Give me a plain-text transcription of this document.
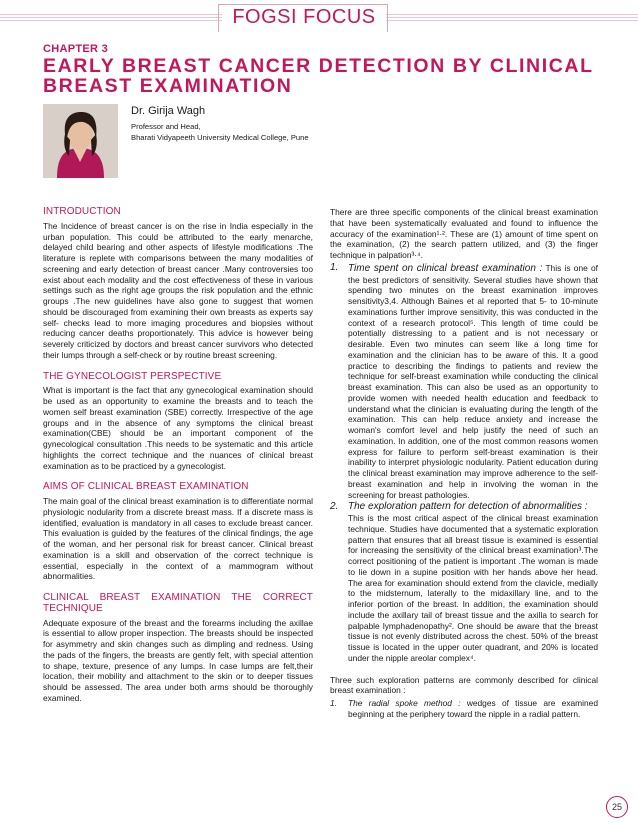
FOGSI FOCUS
CHAPTER 3
EARLY BREAST CANCER DETECTION BY CLINICAL BREAST EXAMINATION
Dr. Girija Wagh
Professor and Head,
Bharati Vidyapeeth University Medical College, Pune
INTRODUCTION

The Incidence of breast cancer is on the rise in India especially in the urban population. This could be attributed to the early menarche, delayed child bearing and other aspects of lifestyle modifications .The literature is replete with comparisons between the many modalities of screening and early detection of breast cancer .Many controversies too exist about each modality and the cost effectiveness of these in various settings such as the right age groups the risk population and the ethnic groups .The new guidelines have also gone to suggest that women should be discouraged from examining their own breasts as experts say self- checks lead to more imaging procedures and biopsies without reducing cancer deaths proportionately. This advice is however being severely criticized by doctors and breast cancer survivors who detected their lumps through a self-check or by routine breast screening.

THE GYNECOLOGIST PERSPECTIVE

What is important is the fact that any gynecological examination should be used as an opportunity to examine the breasts and to teach the women self breast examination (SBE) correctly. Irrespective of the age groups and in the absence of any symptoms the clinical breast examination(CBE) should be an important component of the gynecological consultation .This needs to be systematic and this article highlights the correct technique and the nuances of clinical breast examination as to be practiced by a gynecologist.

AIMS OF CLINICAL BREAST EXAMINATION

The main goal of the clinical breast examination is to differentiate normal physiologic nodularity from a discrete breast mass. If a discrete mass is identified, evaluation is mandatory in all cases to exclude breast cancer. This evaluation is guided by the features of the clinical findings, the age of the woman, and her personal risk for breast cancer. Clinical breast examination is a skill and observation of the correct technique is essential, especially in the context of a mammogram without abnormalities.

CLINICAL BREAST EXAMINATION THE CORRECT TECHNIQUE

Adequate exposure of the breast and the forearms including the axillae is essential to allow proper inspection. The breasts should be inspected for asymmetry and skin changes such as dimpling and redness. Using the pads of the fingers, the breasts are gently felt, with special attention to shape, texture, presence of any lumps. In case lumps are felt,their location, their mobility and attachment to the skin or to deeper tissues should be assessed. The area under both arms should be thoroughly examined.

There are three specific components of the clinical breast examination that have been systematically evaluated and found to influence the accuracy of the examination¹·². These are (1) amount of time spent on the examination, (2) the search pattern utilized, and (3) the finger technique in palpation³·⁴.

1. Time spent on clinical breast examination : This is one of the best predictors of sensitivity. Several studies have shown that spending two minutes on the breast examination improves sensitivity3,4. Although Baines et al reported that 5- to 10-minute examinations further improve sensitivity, this was conducted in the context of a research protocol⁵. This length of time could be potentially distressing to a patient and is not necessary or desirable. Even two minutes can seem like a long time for examination and the clinician has to be aware of this. It a good practice to describing the findings to patients and review the technique for self-breast examination while conducting the clinical breast examination. This can also be used as an opportunity to provide women with needed health education and feedback to understand what the clinician is evaluating during the length of the examination. This can help reduce anxiety and increase the woman's comfort level and help justify the need of such an examination. In addition, one of the most common reasons women express for failure to perform self-breast examination is their inability to interpret physiologic nodularity. Patient education during the clinical breast examination may improve adherence to the self-breast examination and help in involving the woman in the screening for breast pathologies.
2. The exploration pattern for detection of abnormalities :
This is the most critical aspect of the clinical breast examination technique. Studies have documented that a systematic exploration pattern that ensures that all breast tissue is examined is essential for increasing the sensitivity of the clinical breast examination³.The correct positioning of the patient is important .The woman is made to lie down in a supine position with her hands above her head. The area for examination should extend from the clavicle, medially to the midsternum, laterally to the midaxillary line, and to the inferior portion of the breast. In addition, the examination should include the axillary tail of breast tissue and the axilla to search for palpable lymphadenopathy². One should be aware that the breast tissue is not evenly distributed across the chest. 50% of the breast tissue is located in the upper outer quadrant, and 20% is located under the nipple areolar complex⁴.

Three such exploration patterns are commonly described for clinical breast examination :

1.	The radial spoke method : wedges of tissue are examined beginning at the periphery toward the nipple in a radial pattern.
25
